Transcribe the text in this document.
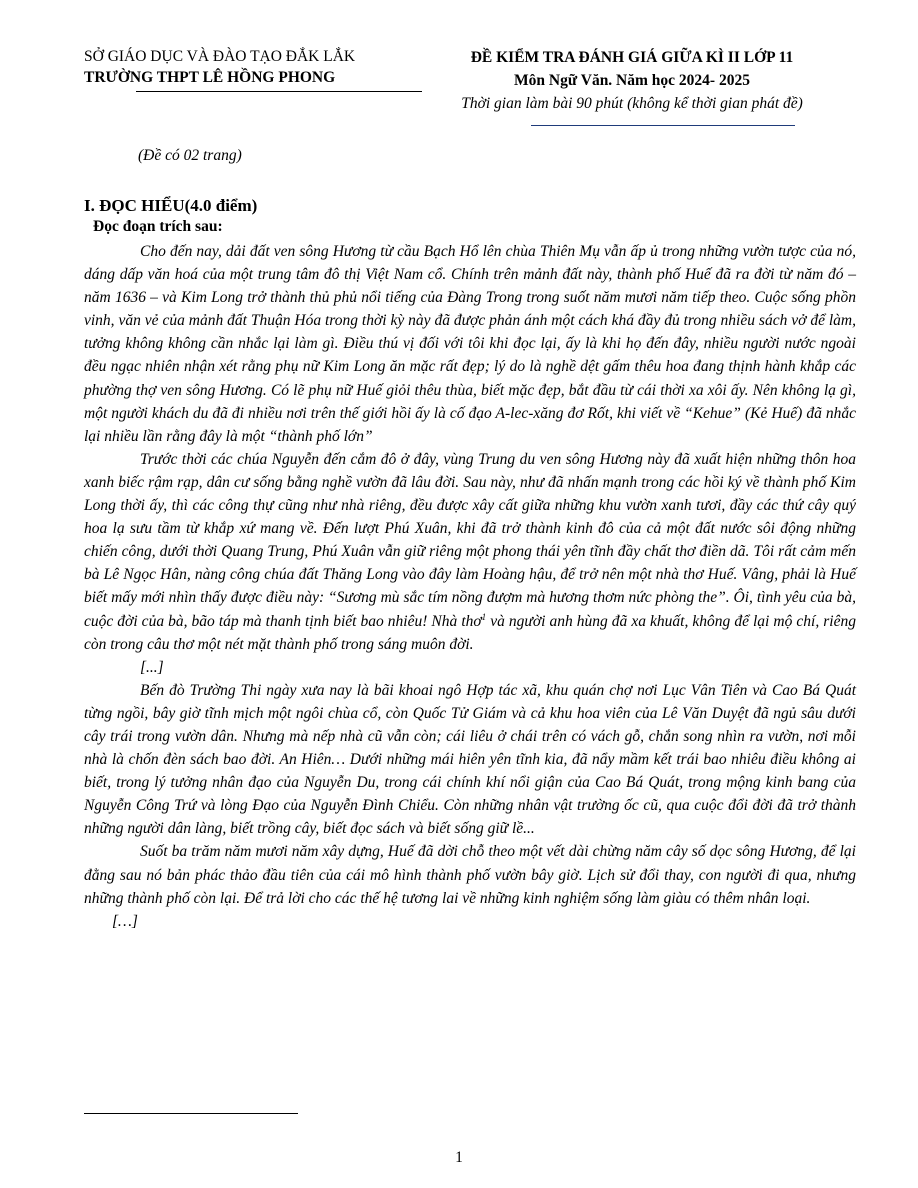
SỞ GIÁO DỤC VÀ ĐÀO TẠO ĐẮK LẮK
TRƯỜNG THPT LÊ HỒNG PHONG
ĐỀ KIỂM TRA ĐÁNH GIÁ GIỮA KÌ II LỚP 11
Môn Ngữ Văn. Năm học 2024- 2025
Thời gian làm bài 90 phút (không kể thời gian phát đề)
(Đề có 02 trang)
I. ĐỌC HIỂU(4.0 điểm)
Đọc đoạn trích sau:

Cho đến nay, dải đất ven sông Hương từ cầu Bạch Hổ lên chùa Thiên Mụ vẫn ấp ủ trong những vườn tược của nó, dáng dấp văn hoá của một trung tâm đô thị Việt Nam cổ. Chính trên mảnh đất này, thành phố Huế đã ra đời từ năm đó – năm 1636 – và Kim Long trở thành thủ phủ nổi tiếng của Đàng Trong trong suốt năm mươi năm tiếp theo. Cuộc sống phồn vinh, văn vẻ của mảnh đất Thuận Hóa trong thời kỳ này đã được phản ánh một cách khá đầy đủ trong nhiều sách vở để làm, tưởng không không cần nhắc lại làm gì. Điều thú vị đối với tôi khi đọc lại, ấy là khi họ đến đây, nhiều người nước ngoài đều ngạc nhiên nhận xét rằng phụ nữ Kim Long ăn mặc rất đẹp; lý do là nghề dệt gấm thêu hoa đang thịnh hành khắp các phường thợ ven sông Hương. Có lẽ phụ nữ Huế giỏi thêu thùa, biết mặc đẹp, bắt đầu từ cái thời xa xôi ấy. Nên không lạ gì, một người khách du đã đi nhiều nơi trên thế giới hồi ấy là cố đạo A-lec-xăng đơ Rốt, khi viết về “Kehue” (Kẻ Huế) đã nhắc lại nhiều lần rằng đây là một “thành phố lớn”

Trước thời các chúa Nguyễn đến cắm đô ở đây, vùng Trung du ven sông Hương này đã xuất hiện những thôn hoa xanh biếc rậm rạp, dân cư sống bằng nghề vườn đã lâu đời. Sau này, như đã nhấn mạnh trong các hồi ký về thành phố Kim Long thời ấy, thì các công thự cũng như nhà riêng, đều được xây cất giữa những khu vườn xanh tươi, đầy các thứ cây quý hoa lạ sưu tầm từ khắp xứ mang về. Đến lượt Phú Xuân, khi đã trở thành kinh đô của cả một đất nước sôi động những chiến công, dưới thời Quang Trung, Phú Xuân vẫn giữ riêng một phong thái yên tĩnh đầy chất thơ điền dã. Tôi rất cảm mến bà Lê Ngọc Hân, nàng công chúa đất Thăng Long vào đây làm Hoàng hậu, để trở nên một nhà thơ Huế. Vâng, phải là Huế biết mấy mới nhìn thấy được điều này: “Sương mù sắc tím nồng đượm mà hương thơm nức phòng the”. Ôi, tình yêu của bà, cuộc đời của bà, bão táp mà thanh tịnh biết bao nhiêu! Nhà thơ$^1$ và người anh hùng đã xa khuất, không để lại mộ chí, riêng còn trong câu thơ một nét mặt thành phố trong sáng muôn đời.

[...]

Bến đò Trường Thi ngày xưa nay là bãi khoai ngô Hợp tác xã, khu quán chợ nơi Lục Vân Tiên và Cao Bá Quát từng ngồi, bây giờ tĩnh mịch một ngôi chùa cổ, còn Quốc Tử Giám và cả khu hoa viên của Lê Văn Duyệt đã ngủ sâu dưới cây trái trong vườn dân. Nhưng mà nếp nhà cũ vẫn còn; cái liêu ở chái trên có vách gỗ, chắn song nhìn ra vườn, nơi mỗi nhà là chốn đèn sách bao đời. An Hiên… Dưới những mái hiên yên tĩnh kia, đã nẩy mầm kết trái bao nhiêu điều không ai biết, trong lý tưởng nhân đạo của Nguyễn Du, trong cái chính khí nổi giận của Cao Bá Quát, trong mộng kinh bang của Nguyễn Công Trứ và lòng Đạo của Nguyễn Đình Chiểu. Còn những nhân vật trường ốc cũ, qua cuộc đổi đời đã trở thành những người dân làng, biết trồng cây, biết đọc sách và biết sống giữ lề...

Suốt ba trăm năm mươi năm xây dựng, Huế đã dời chỗ theo một vết dài chừng năm cây số dọc sông Hương, để lại đằng sau nó bản phác thảo đầu tiên của cái mô hình thành phố vườn bây giờ. Lịch sử đổi thay, con người đi qua, nhưng những thành phố còn lại. Để trả lời cho các thế hệ tương lai về những kinh nghiệm sống làm giàu có thêm nhân loại.

[…]

1
